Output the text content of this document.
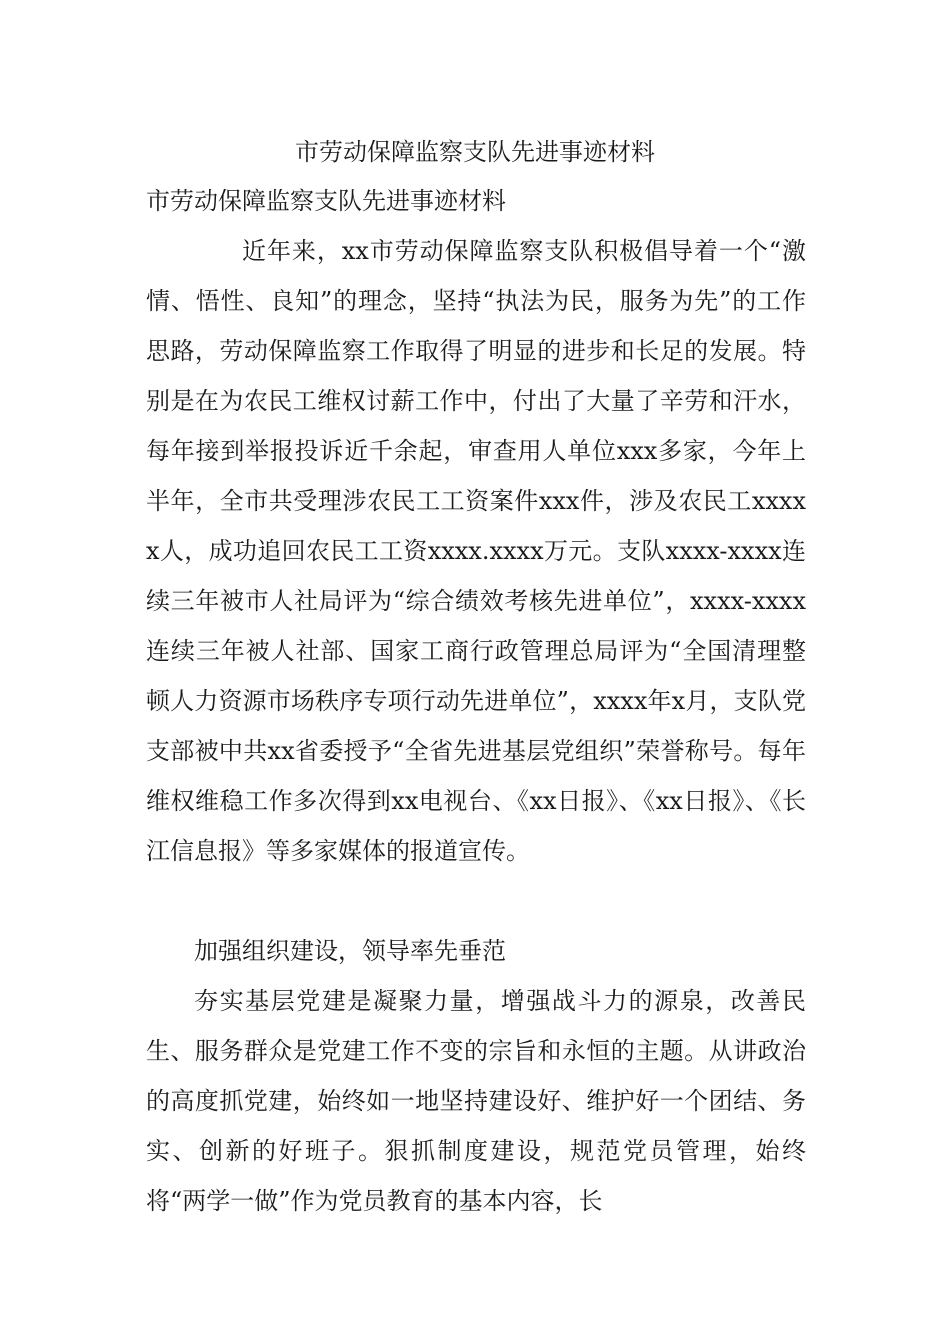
市劳动保障监察支队先进事迹材料
市劳动保障监察支队先进事迹材料
近年来，xx市劳动保障监察支队积极倡导着一个“激情、悟性、良知”的理念，坚持“执法为民，服务为先”的工作思路，劳动保障监察工作取得了明显的进步和长足的发展。特别是在为农民工维权讨薪工作中，付出了大量了辛劳和汗水，每年接到举报投诉近千余起，审查用人单位xxx多家，今年上半年，全市共受理涉农民工工资案件xxx件，涉及农民工xxxxx人，成功追回农民工工资xxxx.xxxx万元。支队xxxx-xxxx连续三年被市人社局评为“综合绩效考核先进单位”，xxxx-xxxx连续三年被人社部、国家工商行政管理总局评为“全国清理整顿人力资源市场秩序专项行动先进单位”，xxxx年x月，支队党支部被中共xx省委授予“全省先进基层党组织”荣誉称号。每年维权维稳工作多次得到xx电视台、《xx日报》、《xx日报》、《长江信息报》等多家媒体的报道宣传。
加强组织建设，领导率先垂范
夯实基层党建是凝聚力量，增强战斗力的源泉，改善民生、服务群众是党建工作不变的宗旨和永恒的主题。从讲政治的高度抓党建，始终如一地坚持建设好、维护好一个团结、务实、创新的好班子。狠抓制度建设，规范党员管理，始终将“两学一做”作为党员教育的基本内容，长
